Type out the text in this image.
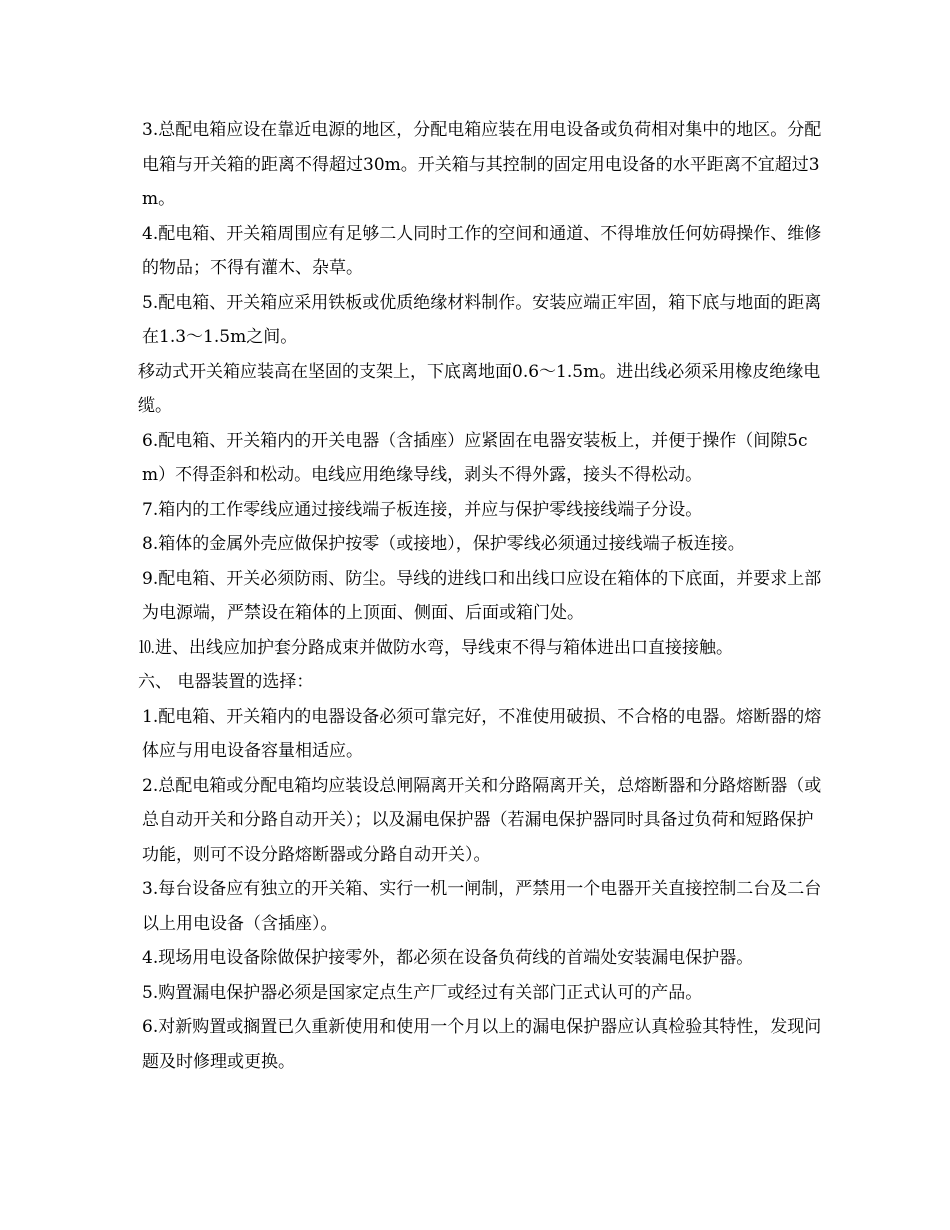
3.总配电箱应设在靠近电源的地区，分配电箱应装在用电设备或负荷相对集中的地区。分配电箱与开关箱的距离不得超过30m。开关箱与其控制的固定用电设备的水平距离不宜超过3m。

4.配电箱、开关箱周围应有足够二人同时工作的空间和通道、不得堆放任何妨碍操作、维修的物品；不得有灌木、杂草。

5.配电箱、开关箱应采用铁板或优质绝缘材料制作。安装应端正牢固，箱下底与地面的距离在1.3～1.5m之间。

移动式开关箱应装高在坚固的支架上，下底离地面0.6～1.5m。进出线必须采用橡皮绝缘电缆。

6.配电箱、开关箱内的开关电器（含插座）应紧固在电器安装板上，并便于操作（间隙5cm）不得歪斜和松动。电线应用绝缘导线，剥头不得外露，接头不得松动。

7.箱内的工作零线应通过接线端子板连接，并应与保护零线接线端子分设。

8.箱体的金属外壳应做保护按零（或接地），保护零线必须通过接线端子板连接。

9.配电箱、开关必须防雨、防尘。导线的进线口和出线口应设在箱体的下底面，并要求上部为电源端，严禁设在箱体的上顶面、侧面、后面或箱门处。

⒑进、出线应加护套分路成束并做防水弯，导线束不得与箱体进出口直接接触。

六、 电器装置的选择：

1.配电箱、开关箱内的电器设备必须可靠完好，不准使用破损、不合格的电器。熔断器的熔体应与用电设备容量相适应。

2.总配电箱或分配电箱均应装设总闸隔离开关和分路隔离开关，总熔断器和分路熔断器（或总自动开关和分路自动开关）；以及漏电保护器（若漏电保护器同时具备过负荷和短路保护功能，则可不设分路熔断器或分路自动开关）。

3.每台设备应有独立的开关箱、实行一机一闸制，严禁用一个电器开关直接控制二台及二台以上用电设备（含插座）。

4.现场用电设备除做保护接零外，都必须在设备负荷线的首端处安装漏电保护器。

5.购置漏电保护器必须是国家定点生产厂或经过有关部门正式认可的产品。

6.对新购置或搁置已久重新使用和使用一个月以上的漏电保护器应认真检验其特性，发现问题及时修理或更换。
